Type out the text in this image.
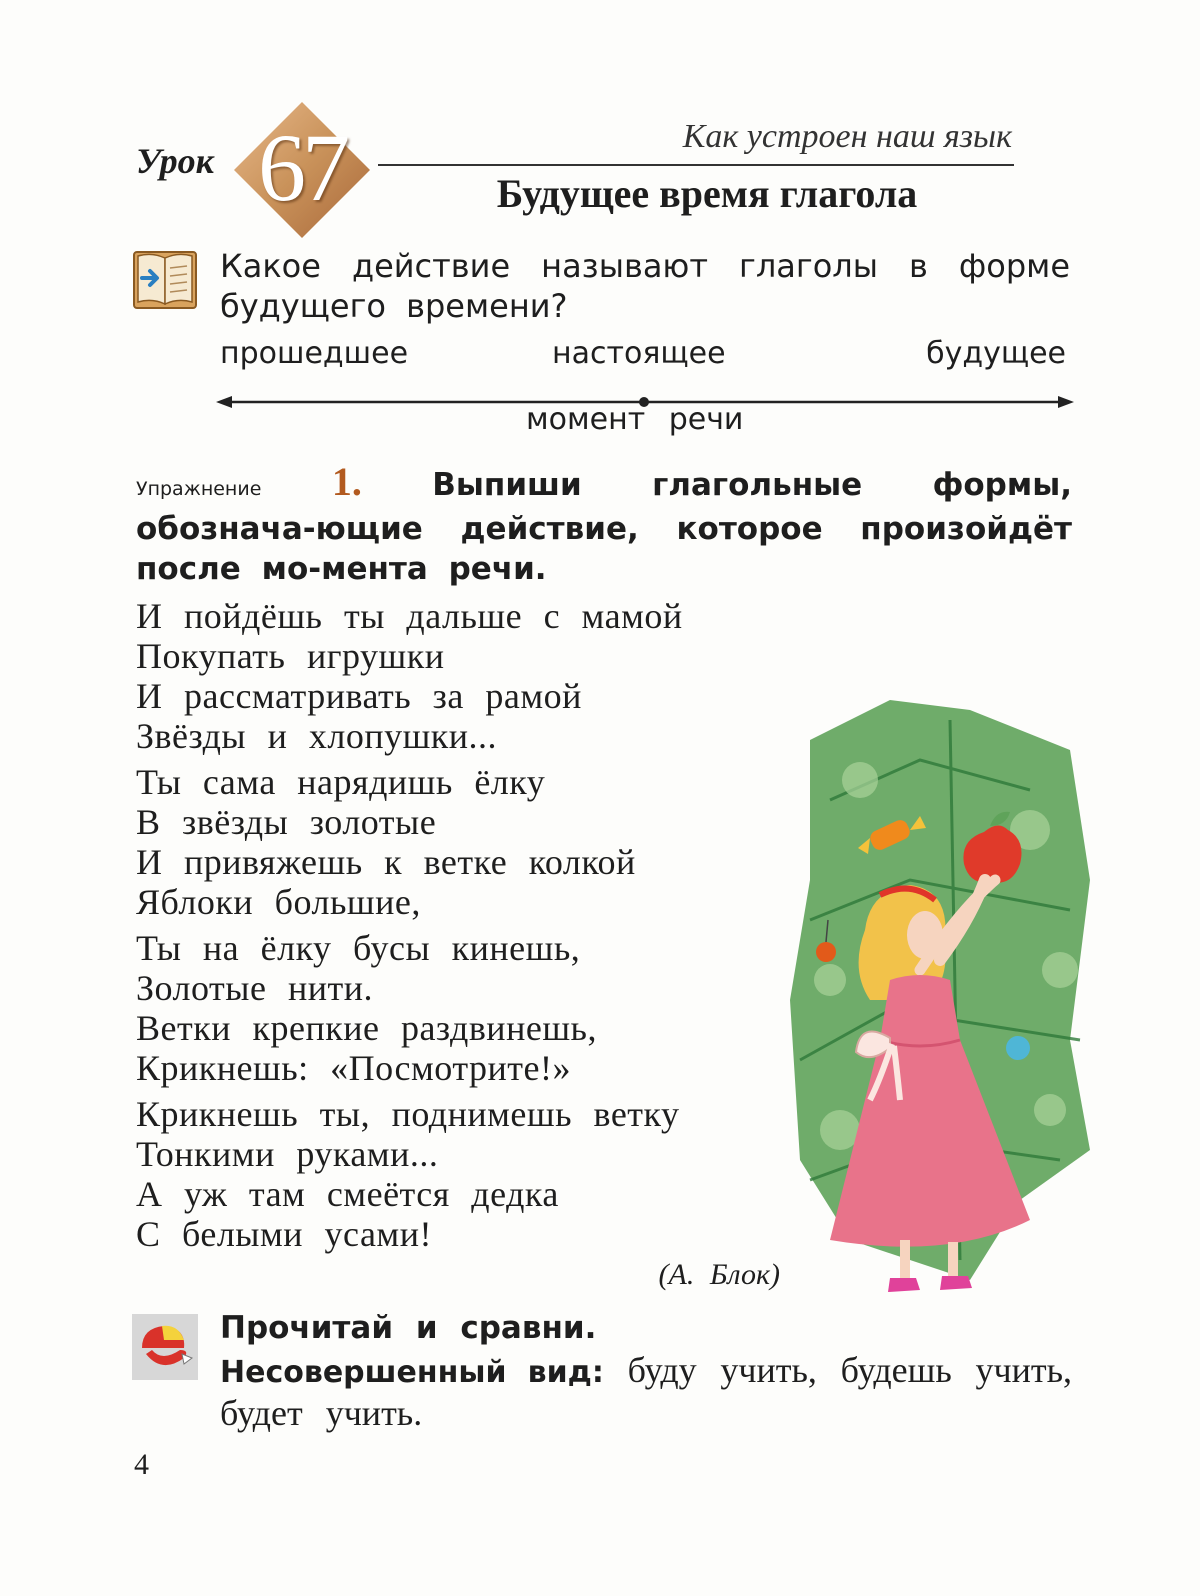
Урок 67	Как устроен наш язык
Будущее время глагола
Какое действие называют глаголы в форме будущего времени?
прошедшее	настоящее	будущее
момент речи
Упражнение 1. Выпиши глагольные формы, обознача-ющие действие, которое произойдёт после мо-мента речи.
И пойдёшь ты дальше с мамой
Покупать игрушки
И рассматривать за рамой
Звёзды и хлопушки...
Ты сама нарядишь ёлку
В звёзды золотые
И привяжешь к ветке колкой
Яблоки большие,
Ты на ёлку бусы кинешь,
Золотые нити.
Ветки крепкие раздвинешь,
Крикнешь: «Посмотрите!»
Крикнешь ты, поднимешь ветку
Тонкими руками...
А уж там смеётся дедка
С белыми усами!
(А. Блок)
Прочитай и сравни.
Несовершенный вид: буду учить, будешь учить, будет учить.
4
